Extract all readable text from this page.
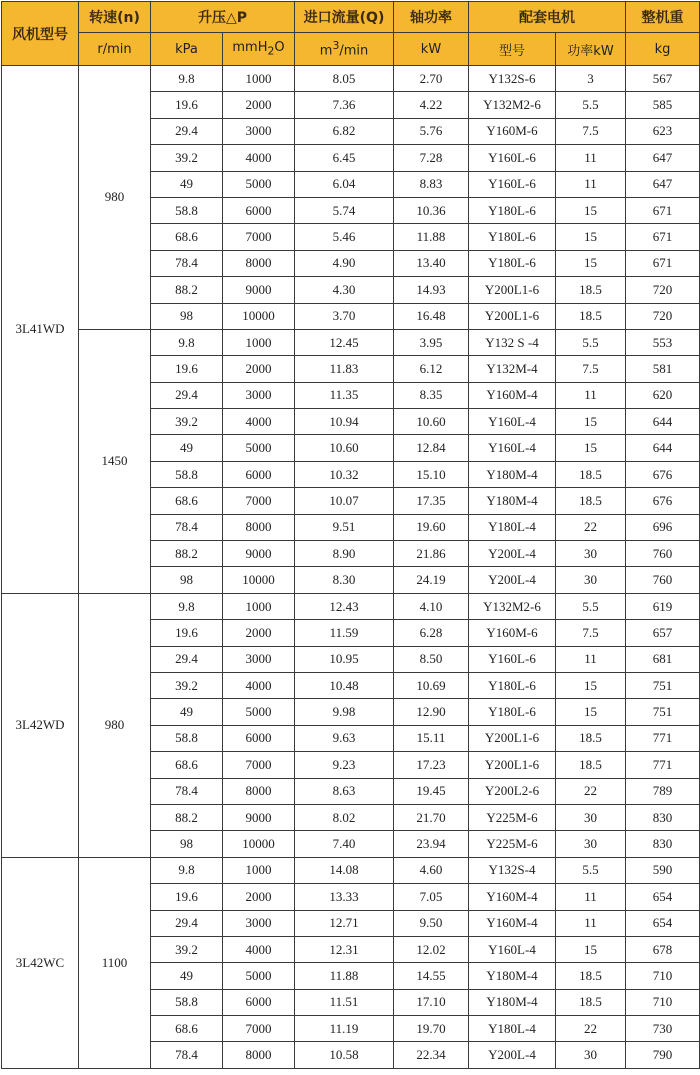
风机型号	转速(n)	升压△P		进口流量(Q)	轴功率	配套电机		整机重
	r/min	kPa	mmH$_2$O	$m^3/\min$	kW	型号	功率kW	kg
3L41WD	980	9.8	1000	8.05	2.70	Y132S-6	3	567
		19.6	2000	7.36	4.22	Y132M2-6	5.5	585
		29.4	3000	6.82	5.76	Y160M-6	7.5	623
		39.2	4000	6.45	7.28	Y160L-6	11	647
		49	5000	6.04	8.83	Y160L-6	11	647
		58.8	6000	5.74	10.36	Y180L-6	15	671
		68.6	7000	5.46	11.88	Y180L-6	15	671
		78.4	8000	4.90	13.40	Y180L-6	15	671
		88.2	9000	4.30	14.93	Y200L1-6	18.5	720
		98	10000	3.70	16.48	Y200L1-6	18.5	720
	1450	9.8	1000	12.45	3.95	Y132 S -4	5.5	553
		19.6	2000	11.83	6.12	Y132M-4	7.5	581
		29.4	3000	11.35	8.35	Y160M-4	11	620
		39.2	4000	10.94	10.60	Y160L-4	15	644
		49	5000	10.60	12.84	Y160L-4	15	644
		58.8	6000	10.32	15.10	Y180M-4	18.5	676
		68.6	7000	10.07	17.35	Y180M-4	18.5	676
		78.4	8000	9.51	19.60	Y180L-4	22	696
		88.2	9000	8.90	21.86	Y200L-4	30	760
		98	10000	8.30	24.19	Y200L-4	30	760
3L42WD	980	9.8	1000	12.43	4.10	Y132M2-6	5.5	619
		19.6	2000	11.59	6.28	Y160M-6	7.5	657
		29.4	3000	10.95	8.50	Y160L-6	11	681
		39.2	4000	10.48	10.69	Y180L-6	15	751
		49	5000	9.98	12.90	Y180L-6	15	751
		58.8	6000	9.63	15.11	Y200L1-6	18.5	771
		68.6	7000	9.23	17.23	Y200L1-6	18.5	771
		78.4	8000	8.63	19.45	Y200L2-6	22	789
		88.2	9000	8.02	21.70	Y225M-6	30	830
		98	10000	7.40	23.94	Y225M-6	30	830
3L42WC	1100	9.8	1000	14.08	4.60	Y132S-4	5.5	590
		19.6	2000	13.33	7.05	Y160M-4	11	654
		29.4	3000	12.71	9.50	Y160M-4	11	654
		39.2	4000	12.31	12.02	Y160L-4	15	678
		49	5000	11.88	14.55	Y180M-4	18.5	710
		58.8	6000	11.51	17.10	Y180M-4	18.5	710
		68.6	7000	11.19	19.70	Y180L-4	22	730
		78.4	8000	10.58	22.34	Y200L-4	30	790
